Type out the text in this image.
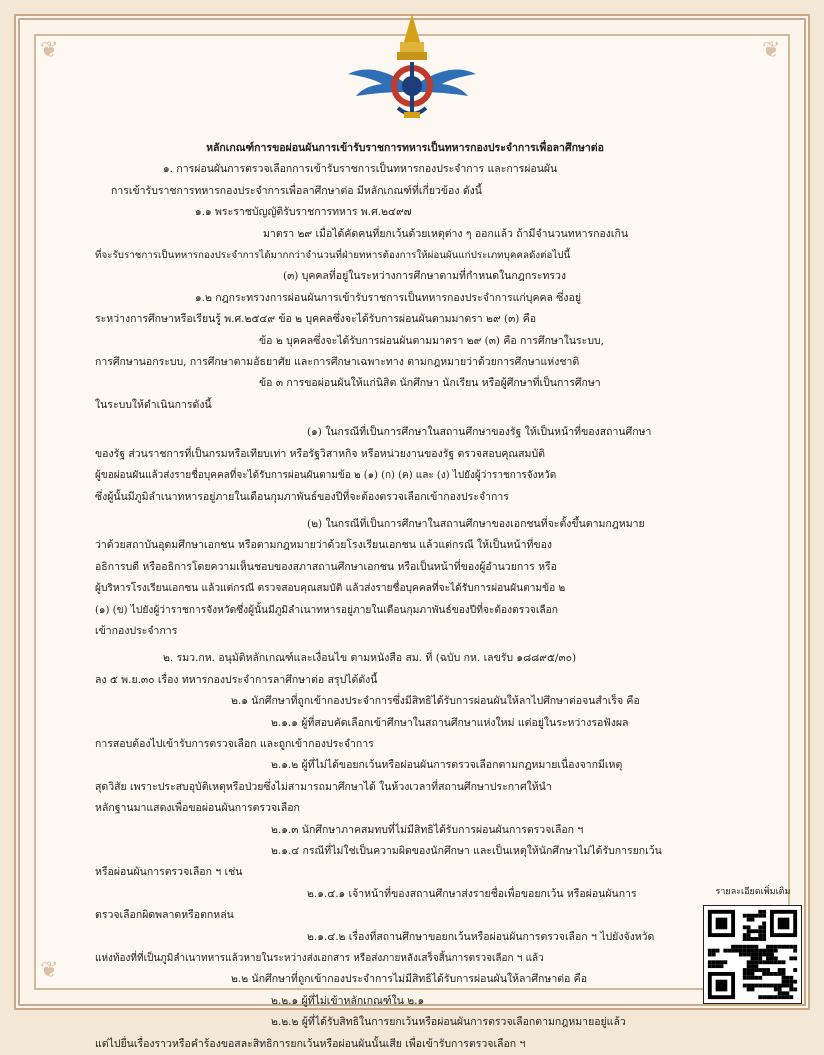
❦	❦
❦
หลักเกณฑ์การขอผ่อนผันการเข้ารับราชการทหารเป็นทหารกองประจำการเพื่อลาศึกษาต่อ
๑. การผ่อนผันการตรวจเลือกการเข้ารับราชการเป็นทหารกองประจำการ และการผ่อนผัน
การเข้ารับราชการทหารกองประจำการเพื่อลาศึกษาต่อ มีหลักเกณฑ์ที่เกี่ยวข้อง ดังนี้
๑.๑ พระราชบัญญัติรับราชการทหาร พ.ศ.๒๔๙๗
มาตรา ๒๙ เมื่อได้คัดคนที่ยกเว้นด้วยเหตุต่าง ๆ ออกแล้ว ถ้ามีจำนวนทหารกองเกิน
ที่จะรับราชการเป็นทหารกองประจำการได้มากกว่าจำนวนที่ฝ่ายทหารต้องการให้ผ่อนผันแก่ประเภทบุคคลดังต่อไปนี้
(๓) บุคคลที่อยู่ในระหว่างการศึกษาตามที่กำหนดในกฎกระทรวง
๑.๒ กฎกระทรวงการผ่อนผันการเข้ารับราชการเป็นทหารกองประจำการแก่บุคคล ซึ่งอยู่
ระหว่างการศึกษาหรือเรียนรู้ พ.ศ.๒๕๔๙ ข้อ ๒ บุคคลซึ่งจะได้รับการผ่อนผันตามมาตรา ๒๙ (๓) คือ
ข้อ ๒ บุคคลซึ่งจะได้รับการผ่อนผันตามมาตรา ๒๙ (๓) คือ การศึกษาในระบบ,
การศึกษานอกระบบ, การศึกษาตามอัธยาศัย และการศึกษาเฉพาะทาง ตามกฎหมายว่าด้วยการศึกษาแห่งชาติ
ข้อ ๓ การขอผ่อนผันให้แก่นิสิต นักศึกษา นักเรียน หรือผู้ศึกษาที่เป็นการศึกษา
ในระบบให้ดำเนินการดังนี้
(๑) ในกรณีที่เป็นการศึกษาในสถานศึกษาของรัฐ ให้เป็นหน้าที่ของสถานศึกษา
ของรัฐ ส่วนราชการที่เป็นกรมหรือเทียบเท่า หรือรัฐวิสาหกิจ หรือหน่วยงานของรัฐ ตรวจสอบคุณสมบัติ
ผู้ขอผ่อนผันแล้วส่งรายชื่อบุคคลที่จะได้รับการผ่อนผันตามข้อ ๒ (๑) (ก) (ค) และ (ง) ไปยังผู้ว่าราชการจังหวัด
ซึ่งผู้นั้นมีภูมิลำเนาทหารอยู่ภายในเดือนกุมภาพันธ์ของปีที่จะต้องตรวจเลือกเข้ากองประจำการ
(๒) ในกรณีที่เป็นการศึกษาในสถานศึกษาของเอกชนที่จะตั้งขึ้นตามกฎหมาย
ว่าด้วยสถาบันอุดมศึกษาเอกชน หรือตามกฎหมายว่าด้วยโรงเรียนเอกชน แล้วแต่กรณี ให้เป็นหน้าที่ของ
อธิการบดี หรืออธิการโดยความเห็นชอบของสภาสถานศึกษาเอกชน หรือเป็นหน้าที่ของผู้อำนวยการ หรือ
ผู้บริหารโรงเรียนเอกชน แล้วแต่กรณี ตรวจสอบคุณสมบัติ แล้วส่งรายชื่อบุคคลที่จะได้รับการผ่อนผันตามข้อ ๒
(๑) (ข) ไปยังผู้ว่าราชการจังหวัดซึ่งผู้นั้นมีภูมิลำเนาทหารอยู่ภายในเดือนกุมภาพันธ์ของปีที่จะต้องตรวจเลือก
เข้ากองประจำการ
๒. รมว.กห. อนุมัติหลักเกณฑ์และเงื่อนไข ตามหนังสือ สม. ที่ (ฉบับ กห. เลขรับ ๑๘๘๙๕/๓๐)
ลง ๕ พ.ย.๓๐ เรื่อง ทหารกองประจำการลาศึกษาต่อ สรุปได้ดังนี้
๒.๑ นักศึกษาที่ถูกเข้ากองประจำการซึ่งมีสิทธิได้รับการผ่อนผันให้ลาไปศึกษาต่อจนสำเร็จ คือ
๒.๑.๑ ผู้ที่สอบคัดเลือกเข้าศึกษาในสถานศึกษาแห่งใหม่ แต่อยู่ในระหว่างรอฟังผล
การสอบต้องไปเข้ารับการตรวจเลือก และถูกเข้ากองประจำการ
๒.๑.๒ ผู้ที่ไม่ได้ขอยกเว้นหรือผ่อนผันการตรวจเลือกตามกฎหมายเนื่องจากมีเหตุ
สุดวิสัย เพราะประสบอุบัติเหตุหรือป่วยซึ่งไม่สามารถมาศึกษาได้ ในห้วงเวลาที่สถานศึกษาประกาศให้นำ
หลักฐานมาแสดงเพื่อขอผ่อนผันการตรวจเลือก
๒.๑.๓ นักศึกษาภาคสมทบที่ไม่มีสิทธิได้รับการผ่อนผันการตรวจเลือก ฯ
๒.๑.๔ กรณีที่ไม่ใช่เป็นความผิดของนักศึกษา และเป็นเหตุให้นักศึกษาไม่ได้รับการยกเว้น
หรือผ่อนผันการตรวจเลือก ฯ เช่น
๒.๑.๔.๑ เจ้าหน้าที่ของสถานศึกษาส่งรายชื่อเพื่อขอยกเว้น หรือผ่อนผันการ
ตรวจเลือกผิดพลาดหรือตกหล่น
๒.๑.๔.๒ เรื่องที่สถานศึกษาขอยกเว้นหรือผ่อนผันการตรวจเลือก ฯ ไปยังจังหวัด
แห่งท้องที่ที่เป็นภูมิลำเนาทหารแล้วหายในระหว่างส่งเอกสาร หรือส่งภายหลังเสร็จสิ้นการตรวจเลือก ฯ แล้ว
๒.๒ นักศึกษาที่ถูกเข้ากองประจำการไม่มีสิทธิได้รับการผ่อนผันให้ลาศึกษาต่อ คือ
๒.๒.๑ ผู้ที่ไม่เข้าหลักเกณฑ์ใน ๒.๑
๒.๒.๒ ผู้ที่ได้รับสิทธิในการยกเว้นหรือผ่อนผันการตรวจเลือกตามกฎหมายอยู่แล้ว
แต่ไปยื่นเรื่องราวหรือคำร้องขอสละสิทธิการยกเว้นหรือผ่อนผันนั้นเสีย เพื่อเข้ารับการตรวจเลือก ฯ
รายละเอียดเพิ่มเติม
